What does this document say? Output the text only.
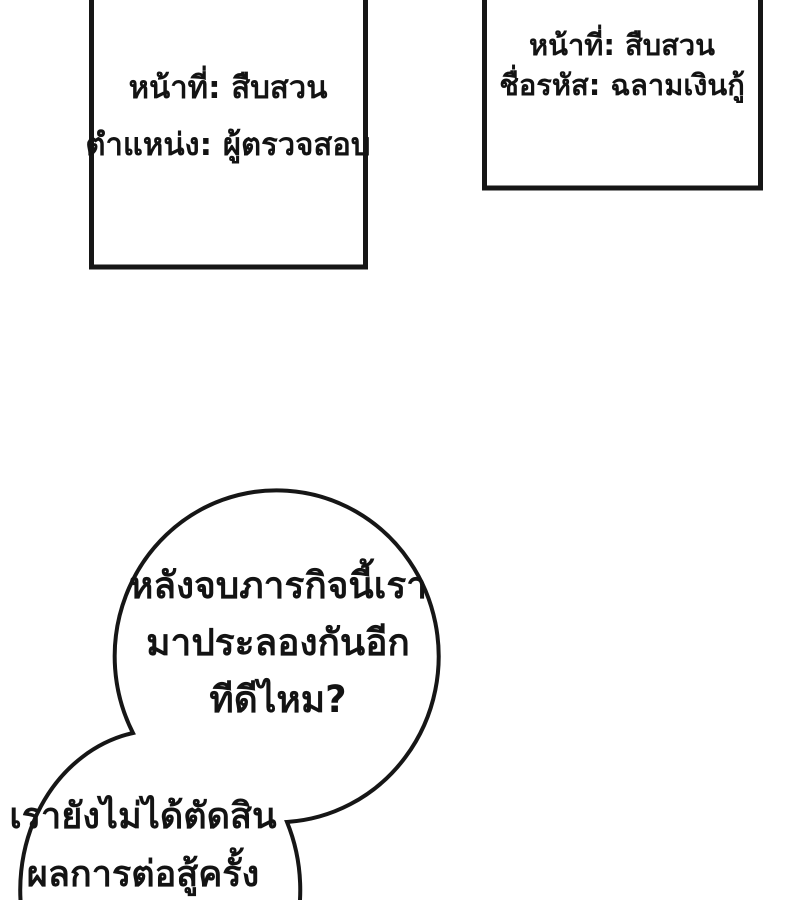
หน้าที่: สืบสวน
ตำแหน่ง: ผู้ตรวจสอบ
หน้าที่: สืบสวน
ชื่อรหัส: ฉลามเงินกู้
หลังจบภารกิจนี้เรา
มาประลองกันอีก
ทีดีไหม?
เรายังไม่ได้ตัดสิน
ผลการต่อสู้ครั้ง
